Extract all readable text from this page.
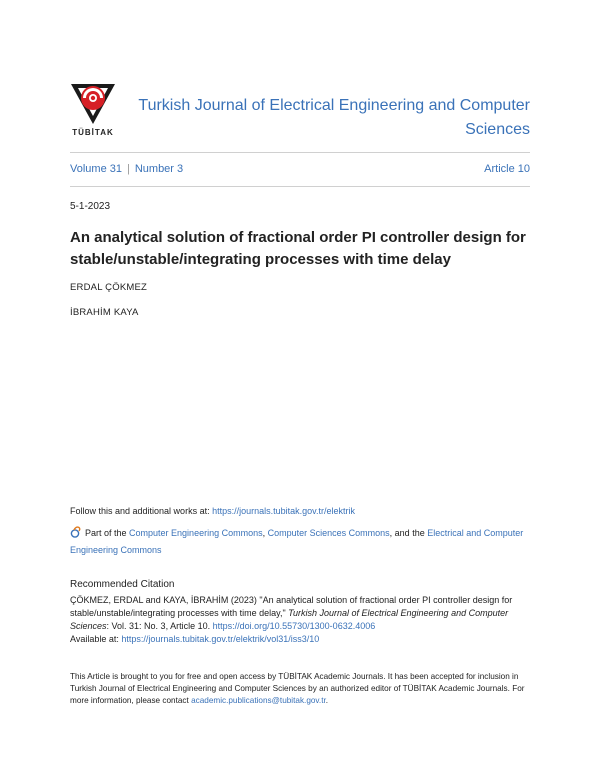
TÜBİTAK
Turkish Journal of Electrical Engineering and Computer Sciences
Volume 31 | Number 3	Article 10
5-1-2023
An analytical solution of fractional order PI controller design for stable/unstable/integrating processes with time delay
ERDAL ÇÖKMEZ
İBRAHİM KAYA
Follow this and additional works at: https://journals.tubitak.gov.tr/elektrik
Part of the Computer Engineering Commons, Computer Sciences Commons, and the Electrical and Computer Engineering Commons
Recommended Citation
ÇÖKMEZ, ERDAL and KAYA, İBRAHİM (2023) "An analytical solution of fractional order PI controller design for stable/unstable/integrating processes with time delay," Turkish Journal of Electrical Engineering and Computer Sciences: Vol. 31: No. 3, Article 10. https://doi.org/10.55730/1300-0632.4006
Available at: https://journals.tubitak.gov.tr/elektrik/vol31/iss3/10
This Article is brought to you for free and open access by TÜBİTAK Academic Journals. It has been accepted for inclusion in Turkish Journal of Electrical Engineering and Computer Sciences by an authorized editor of TÜBİTAK Academic Journals. For more information, please contact academic.publications@tubitak.gov.tr.
